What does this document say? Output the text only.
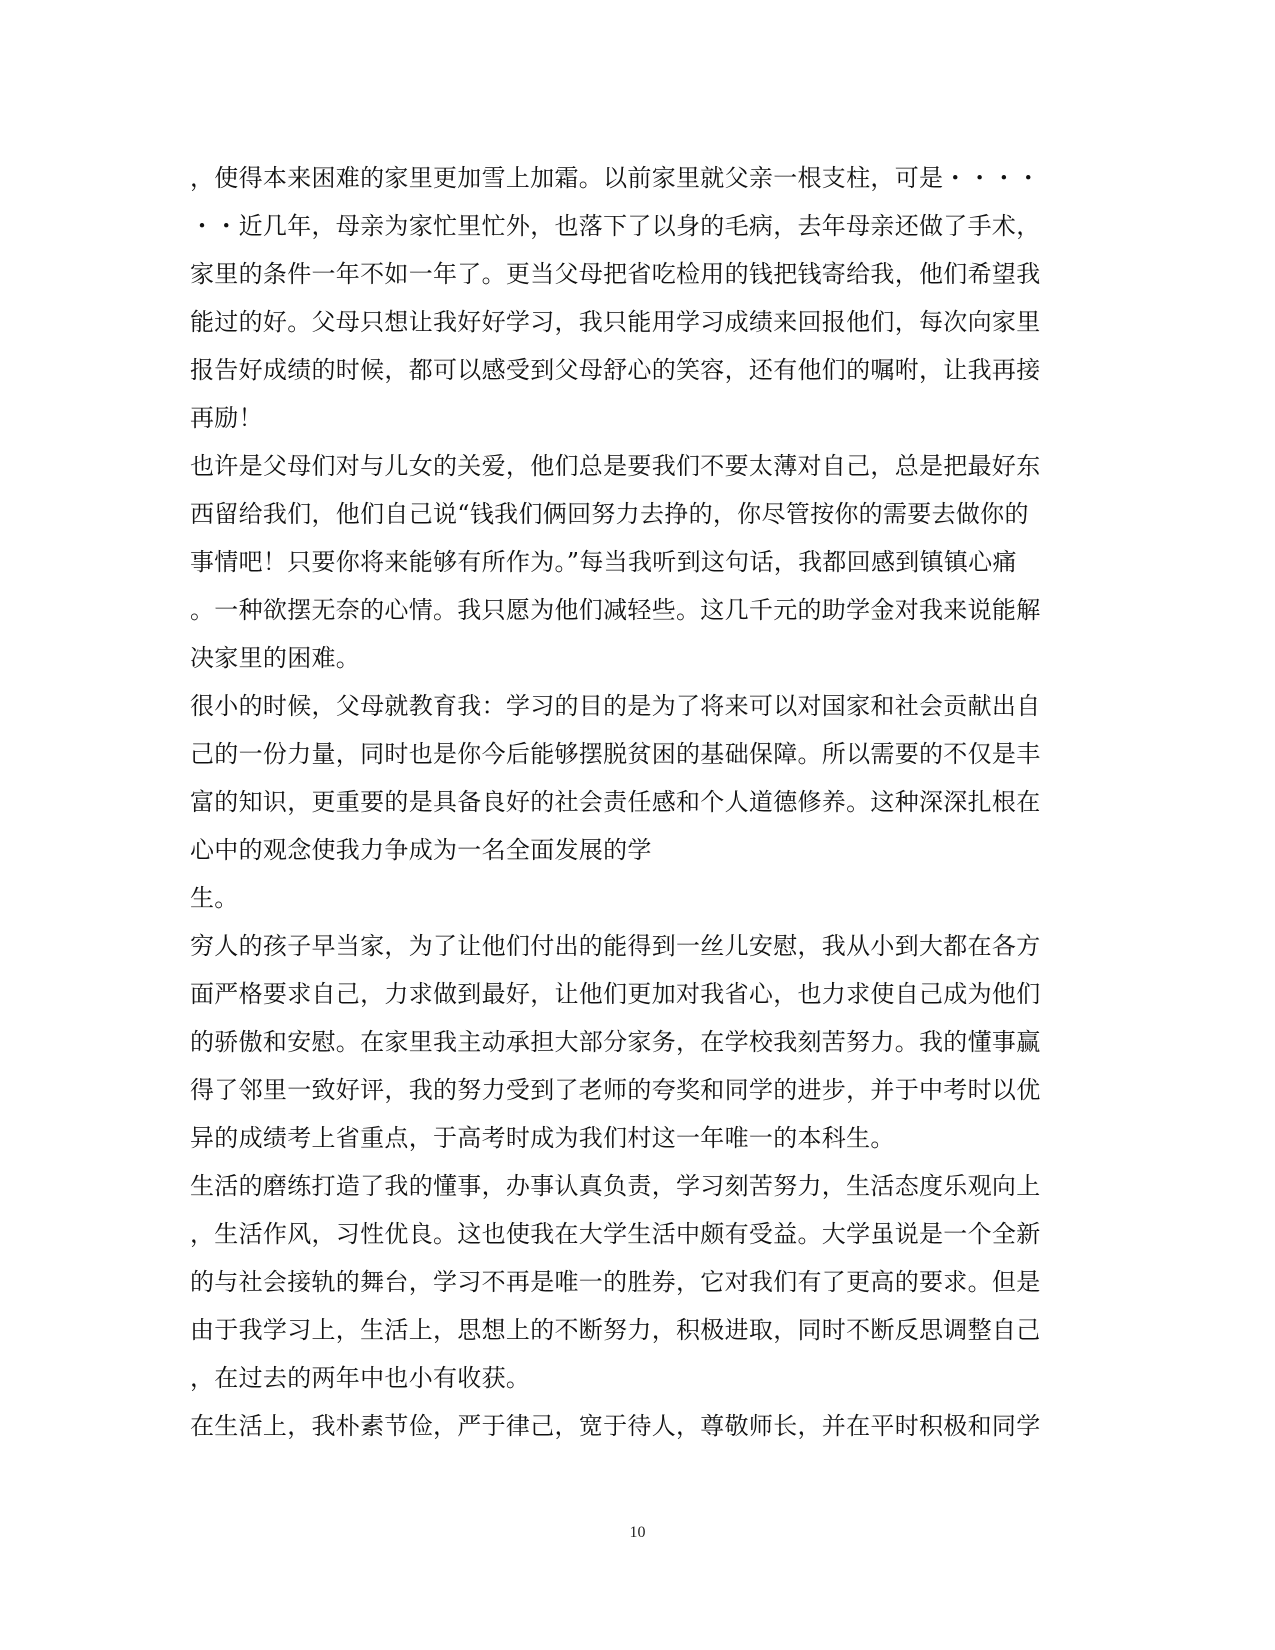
，使得本来困难的家里更加雪上加霜。以前家里就父亲一根支柱，可是・・・・
・・近几年，母亲为家忙里忙外，也落下了以身的毛病，去年母亲还做了手术，
家里的条件一年不如一年了。更当父母把省吃检用的钱把钱寄给我，他们希望我
能过的好。父母只想让我好好学习，我只能用学习成绩来回报他们，每次向家里
报告好成绩的时候，都可以感受到父母舒心的笑容，还有他们的嘱咐，让我再接
再励！
也许是父母们对与儿女的关爱，他们总是要我们不要太薄对自己，总是把最好东
西留给我们，他们自己说“钱我们俩回努力去挣的，你尽管按你的需要去做你的
事情吧！只要你将来能够有所作为。”每当我听到这句话，我都回感到镇镇心痛
。一种欲摆无奈的心情。我只愿为他们减轻些。这几千元的助学金对我来说能解
决家里的困难。
很小的时候，父母就教育我：学习的目的是为了将来可以对国家和社会贡献出自
己的一份力量，同时也是你今后能够摆脱贫困的基础保障。所以需要的不仅是丰
富的知识，更重要的是具备良好的社会责任感和个人道德修养。这种深深扎根在
心中的观念使我力争成为一名全面发展的学
生。
穷人的孩子早当家，为了让他们付出的能得到一丝儿安慰，我从小到大都在各方
面严格要求自己，力求做到最好，让他们更加对我省心，也力求使自己成为他们
的骄傲和安慰。在家里我主动承担大部分家务，在学校我刻苦努力。我的懂事赢
得了邻里一致好评，我的努力受到了老师的夸奖和同学的进步，并于中考时以优
异的成绩考上省重点，于高考时成为我们村这一年唯一的本科生。
生活的磨练打造了我的懂事，办事认真负责，学习刻苦努力，生活态度乐观向上
，生活作风，习性优良。这也使我在大学生活中颇有受益。大学虽说是一个全新
的与社会接轨的舞台，学习不再是唯一的胜券，它对我们有了更高的要求。但是
由于我学习上，生活上，思想上的不断努力，积极进取，同时不断反思调整自己
，在过去的两年中也小有收获。
在生活上，我朴素节俭，严于律己，宽于待人，尊敬师长，并在平时积极和同学
10
